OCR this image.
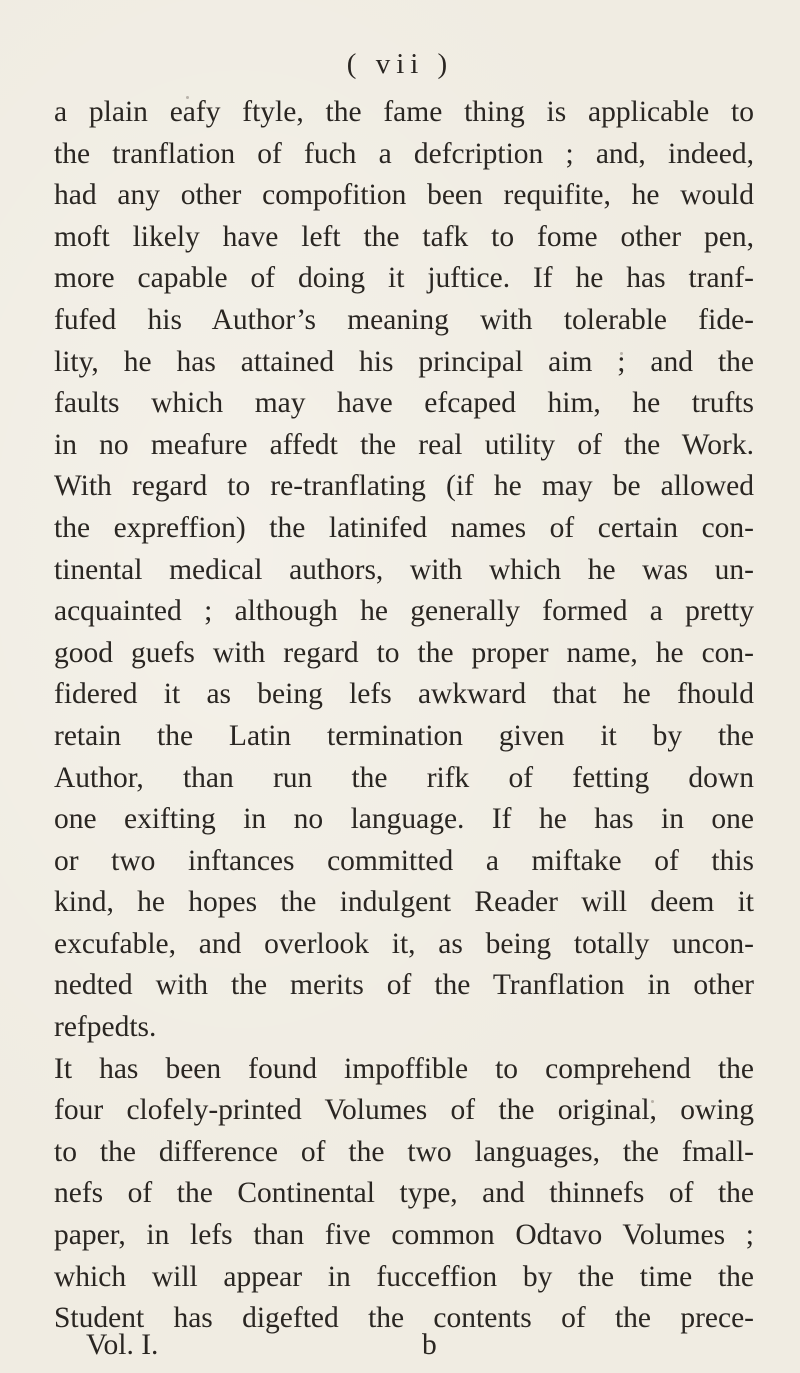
( vii )
a plain eafy ftyle, the fame thing is applicable to
the tranflation of fuch a defcription ; and, indeed,
had any other compofition been requifite, he would
moft likely have left the tafk to fome other pen,
more capable of doing it juftice. If he has tranf-
fufed his Author’s meaning with tolerable fide-
lity, he has attained his principal aim ; and the
faults which may have efcaped him, he trufts
in no meafure affedt the real utility of the Work.
With regard to re-tranflating (if he may be allowed
the expreffion) the latinifed names of certain con-
tinental medical authors, with which he was un-
acquainted ; although he generally formed a pretty
good guefs with regard to the proper name, he con-
fidered it as being lefs awkward that he fhould
retain the Latin termination given it by the
Author, than run the rifk of fetting down
one exifting in no language. If he has in one
or two inftances committed a miftake of this
kind, he hopes the indulgent Reader will deem it
excufable, and overlook it, as being totally uncon-
nedted with the merits of the Tranflation in other
refpedts.
It has been found impoffible to comprehend the
four clofely-printed Volumes of the original, owing
to the difference of the two languages, the fmall-
nefs of the Continental type, and thinnefs of the
paper, in lefs than five common Odtavo Volumes ;
which will appear in fucceffion by the time the
Student has digefted the contents of the prece-
Vol. I.	b
